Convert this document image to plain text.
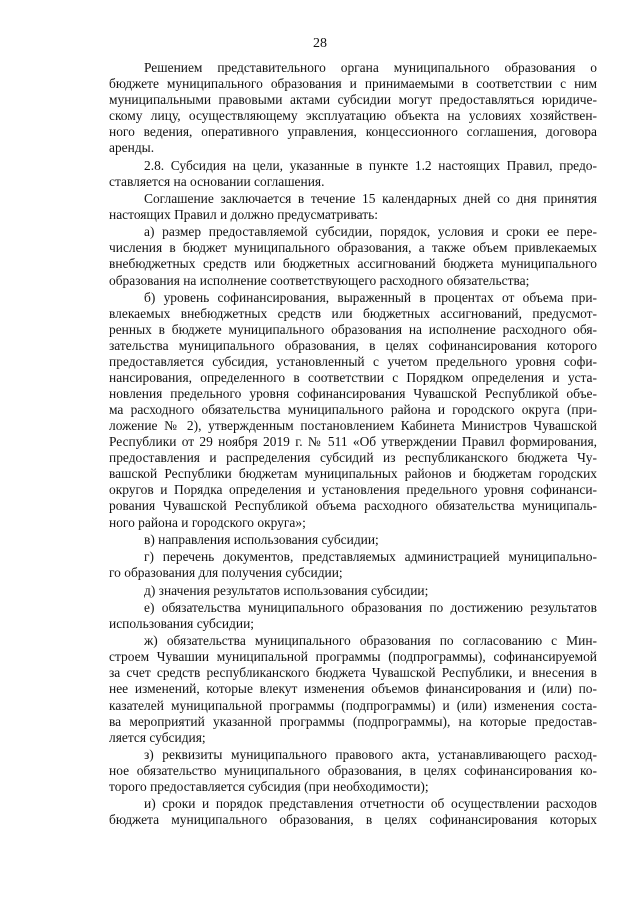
28
Решением представительного органа муниципального образования о
бюджете муниципального образования и принимаемыми в соответствии с ним
муниципальными правовыми актами субсидии могут предоставляться юридиче-
скому лицу, осуществляющему эксплуатацию объекта на условиях хозяйствен-
ного ведения, оперативного управления, концессионного соглашения, договора
аренды.
2.8. Субсидия на цели, указанные в пункте 1.2 настоящих Правил, предо-
ставляется на основании соглашения.
Соглашение заключается в течение 15 календарных дней со дня принятия
настоящих Правил и должно предусматривать:
а) размер предоставляемой субсидии, порядок, условия и сроки ее пере-
числения в бюджет муниципального образования, а также объем привлекаемых
внебюджетных средств или бюджетных ассигнований бюджета муниципального
образования на исполнение соответствующего расходного обязательства;
б) уровень софинансирования, выраженный в процентах от объема при-
влекаемых внебюджетных средств или бюджетных ассигнований, предусмот-
ренных в бюджете муниципального образования на исполнение расходного обя-
зательства муниципального образования, в целях софинансирования которого
предоставляется субсидия, установленный с учетом предельного уровня софи-
нансирования, определенного в соответствии с Порядком определения и уста-
новления предельного уровня софинансирования Чувашской Республикой объе-
ма расходного обязательства муниципального района и городского округа (при-
ложение № 2), утвержденным постановлением Кабинета Министров Чувашской
Республики от 29 ноября 2019 г. № 511 «Об утверждении Правил формирования,
предоставления и распределения субсидий из республиканского бюджета Чу-
вашской Республики бюджетам муниципальных районов и бюджетам городских
округов и Порядка определения и установления предельного уровня софинанси-
рования Чувашской Республикой объема расходного обязательства муниципаль-
ного района и городского округа»;
в) направления использования субсидии;
г) перечень документов, представляемых администрацией муниципально-
го образования для получения субсидии;
д) значения результатов использования субсидии;
е) обязательства муниципального образования по достижению результатов
использования субсидии;
ж) обязательства муниципального образования по согласованию с Мин-
строем Чувашии муниципальной программы (подпрограммы), софинансируемой
за счет средств республиканского бюджета Чувашской Республики, и внесения в
нее изменений, которые влекут изменения объемов финансирования и (или) по-
казателей муниципальной программы (подпрограммы) и (или) изменения соста-
ва мероприятий указанной программы (подпрограммы), на которые предостав-
ляется субсидия;
з) реквизиты муниципального правового акта, устанавливающего расход-
ное обязательство муниципального образования, в целях софинансирования ко-
торого предоставляется субсидия (при необходимости);
и) сроки и порядок представления отчетности об осуществлении расходов
бюджета муниципального образования, в целях софинансирования которых
